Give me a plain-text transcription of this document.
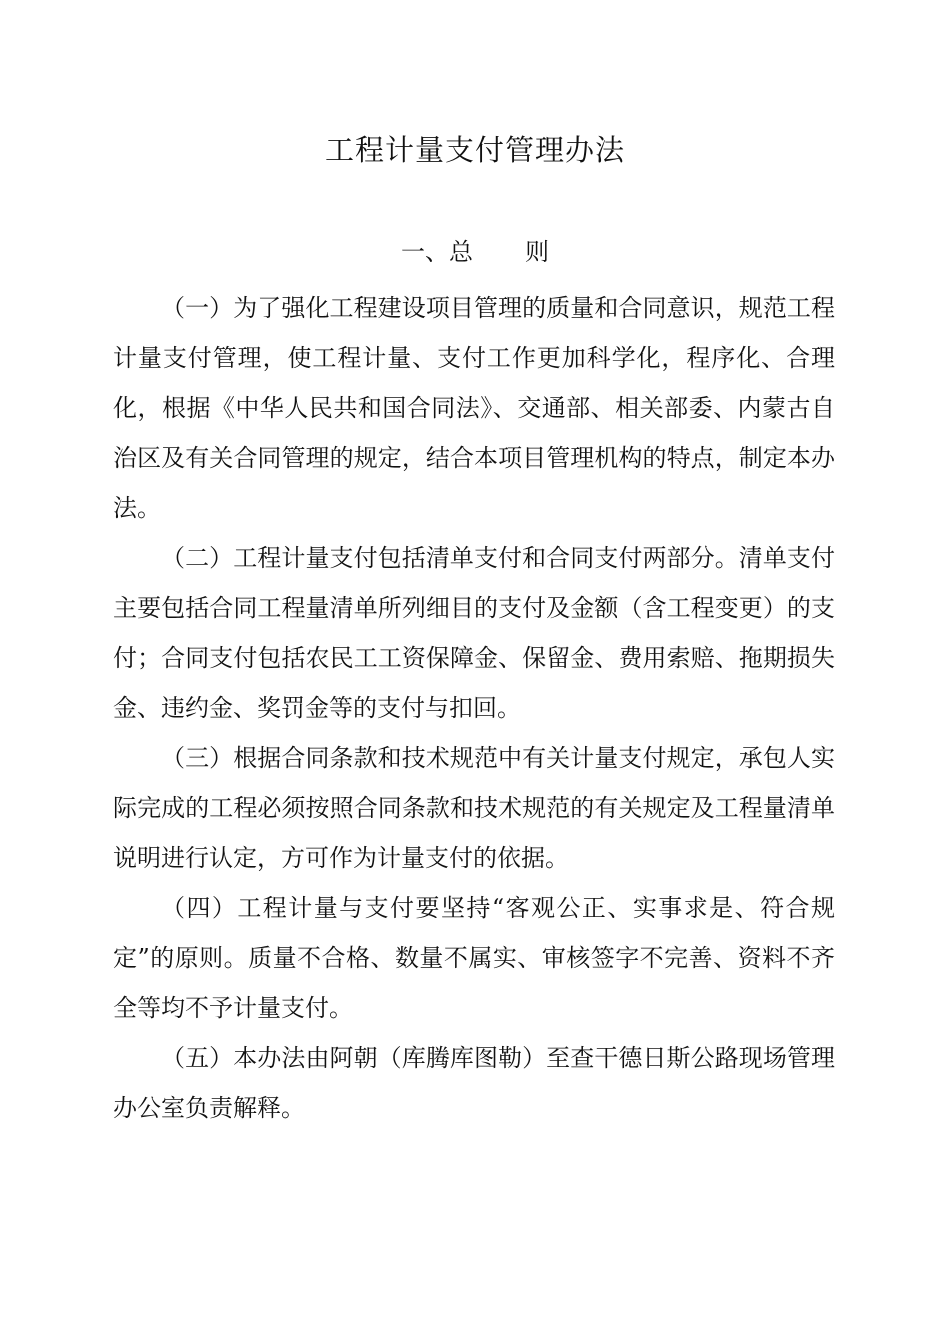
工程计量支付管理办法
一、总 则

（一）为了强化工程建设项目管理的质量和合同意识，规范工程计量支付管理，使工程计量、支付工作更加科学化，程序化、合理化，根据《中华人民共和国合同法》、交通部、相关部委、内蒙古自治区及有关合同管理的规定，结合本项目管理机构的特点，制定本办法。

（二）工程计量支付包括清单支付和合同支付两部分。清单支付主要包括合同工程量清单所列细目的支付及金额（含工程变更）的支付；合同支付包括农民工工资保障金、保留金、费用索赔、拖期损失金、违约金、奖罚金等的支付与扣回。

（三）根据合同条款和技术规范中有关计量支付规定，承包人实际完成的工程必须按照合同条款和技术规范的有关规定及工程量清单说明进行认定，方可作为计量支付的依据。

（四）工程计量与支付要坚持“客观公正、实事求是、符合规定”的原则。质量不合格、数量不属实、审核签字不完善、资料不齐全等均不予计量支付。

（五）本办法由阿朝（库腾库图勒）至查干德日斯公路现场管理办公室负责解释。
